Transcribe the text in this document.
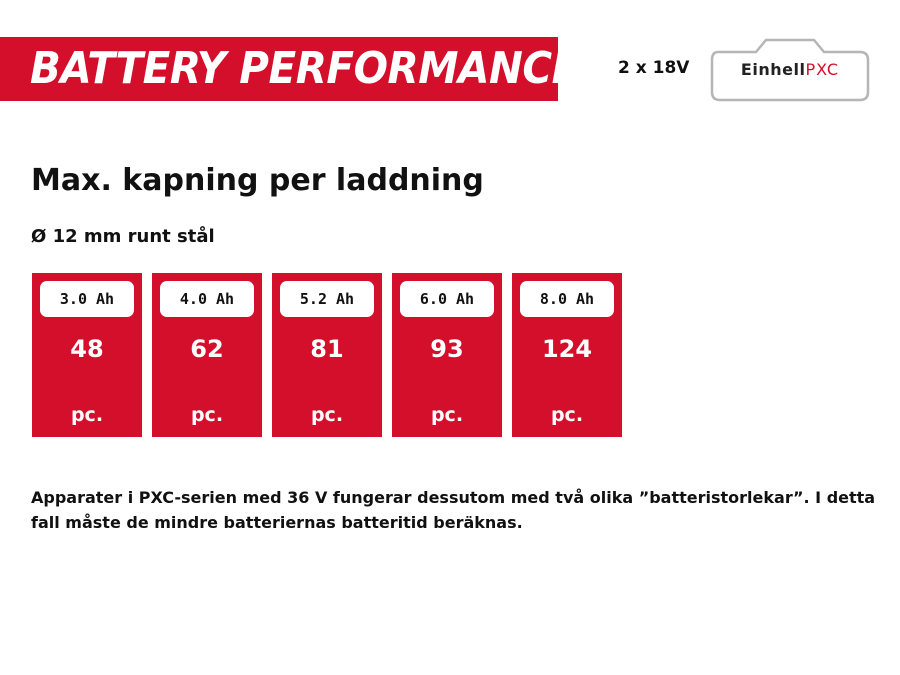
BATTERY PERFORMANCE 2 x 18V	EinhellPXC
Max. kapning per laddning
Ø 12 mm runt stål
3.0 Ah
48
pc.
4.0 Ah
62
pc.
5.2 Ah
81
pc.
6.0 Ah
93
pc.
8.0 Ah
124
pc.
Apparater i PXC-serien med 36 V fungerar dessutom med två olika ”batteristorlekar”. I detta fall måste de mindre batteriernas batteritid beräknas.
